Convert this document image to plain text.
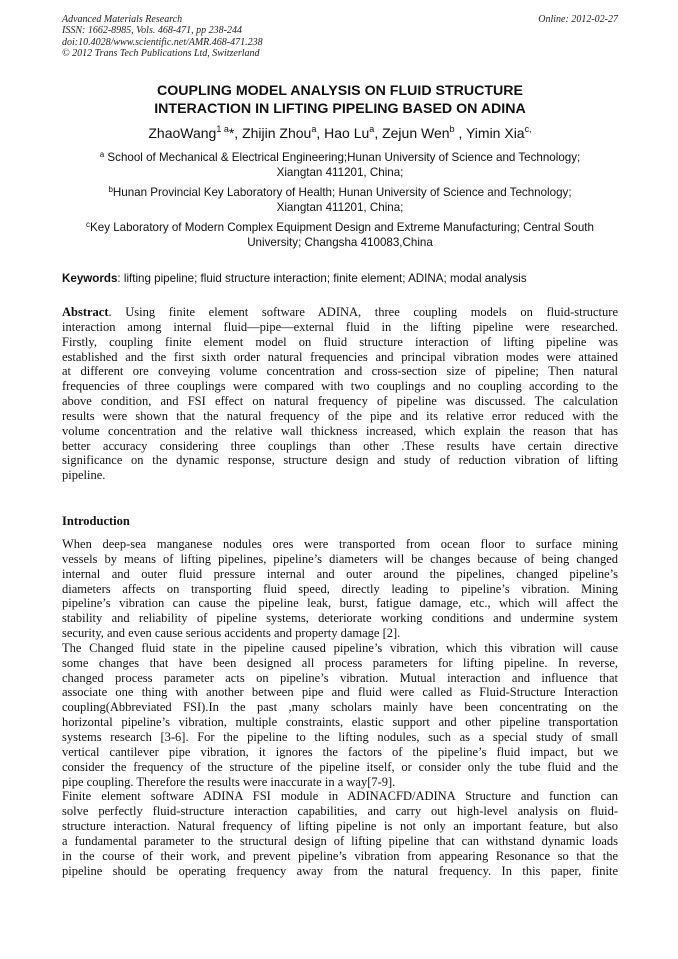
Advanced Materials Research
ISSN: 1662-8985, Vols. 468-471, pp 238-244
doi:10.4028/www.scientific.net/AMR.468-471.238
© 2012 Trans Tech Publications Ltd, Switzerland
Online: 2012-02-27
COUPLING MODEL ANALYSIS ON FLUID STRUCTURE
INTERACTION IN LIFTING PIPELING BASED ON ADINA
ZhaoWang$^{1 a}$*, Zhijin Zhou$^a$, Hao Lu$^a$, Zejun Wen$^b$ , Yimin Xia$^{c,}$
$^a$ School of Mechanical & Electrical Engineering;Hunan University of Science and Technology;
Xiangtan 411201, China;
$^b$Hunan Provincial Key Laboratory of Health; Hunan University of Science and Technology;
Xiangtan 411201, China;
$^c$Key Laboratory of Modern Complex Equipment Design and Extreme Manufacturing; Central South
University; Changsha 410083,China
Keywords: lifting pipeline; fluid structure interaction; finite element; ADINA; modal analysis
Abstract. Using finite element software ADINA, three coupling models on fluid-structure
interaction among internal fluid—pipe—external fluid in the lifting pipeline were researched.
Firstly, coupling finite element model on fluid structure interaction of lifting pipeline was
established and the first sixth order natural frequencies and principal vibration modes were attained
at different ore conveying volume concentration and cross-section size of pipeline; Then natural
frequencies of three couplings were compared with two couplings and no coupling according to the
above condition, and FSI effect on natural frequency of pipeline was discussed. The calculation
results were shown that the natural frequency of the pipe and its relative error reduced with the
volume concentration and the relative wall thickness increased, which explain the reason that has
better accuracy considering three couplings than other .These results have certain directive
significance on the dynamic response, structure design and study of reduction vibration of lifting
pipeline.
Introduction
When deep-sea manganese nodules ores were transported from ocean floor to surface mining
vessels by means of lifting pipelines, pipeline’s diameters will be changes because of being changed
internal and outer fluid pressure internal and outer around the pipelines, changed pipeline’s
diameters affects on transporting fluid speed, directly leading to pipeline’s vibration. Mining
pipeline’s vibration can cause the pipeline leak, burst, fatigue damage, etc., which will affect the
stability and reliability of pipeline systems, deteriorate working conditions and undermine system
security, and even cause serious accidents and property damage [2].
The Changed fluid state in the pipeline caused pipeline’s vibration, which this vibration will cause
some changes that have been designed all process parameters for lifting pipeline. In reverse,
changed process parameter acts on pipeline’s vibration. Mutual interaction and influence that
associate one thing with another between pipe and fluid were called as Fluid-Structure Interaction
coupling(Abbreviated FSI).In the past ,many scholars mainly have been concentrating on the
horizontal pipeline’s vibration, multiple constraints, elastic support and other pipeline transportation
systems research [3-6]. For the pipeline to the lifting nodules, such as a special study of small
vertical cantilever pipe vibration, it ignores the factors of the pipeline’s fluid impact, but we
consider the frequency of the structure of the pipeline itself, or consider only the tube fluid and the
pipe coupling. Therefore the results were inaccurate in a way[7-9].
Finite element software ADINA FSI module in ADINACFD/ADINA Structure and function can
solve perfectly fluid-structure interaction capabilities, and carry out high-level analysis on fluid-
structure interaction. Natural frequency of lifting pipeline is not only an important feature, but also
a fundamental parameter to the structural design of lifting pipeline that can withstand dynamic loads
in the course of their work, and prevent pipeline’s vibration from appearing Resonance so that the
pipeline should be operating frequency away from the natural frequency. In this paper, finite
